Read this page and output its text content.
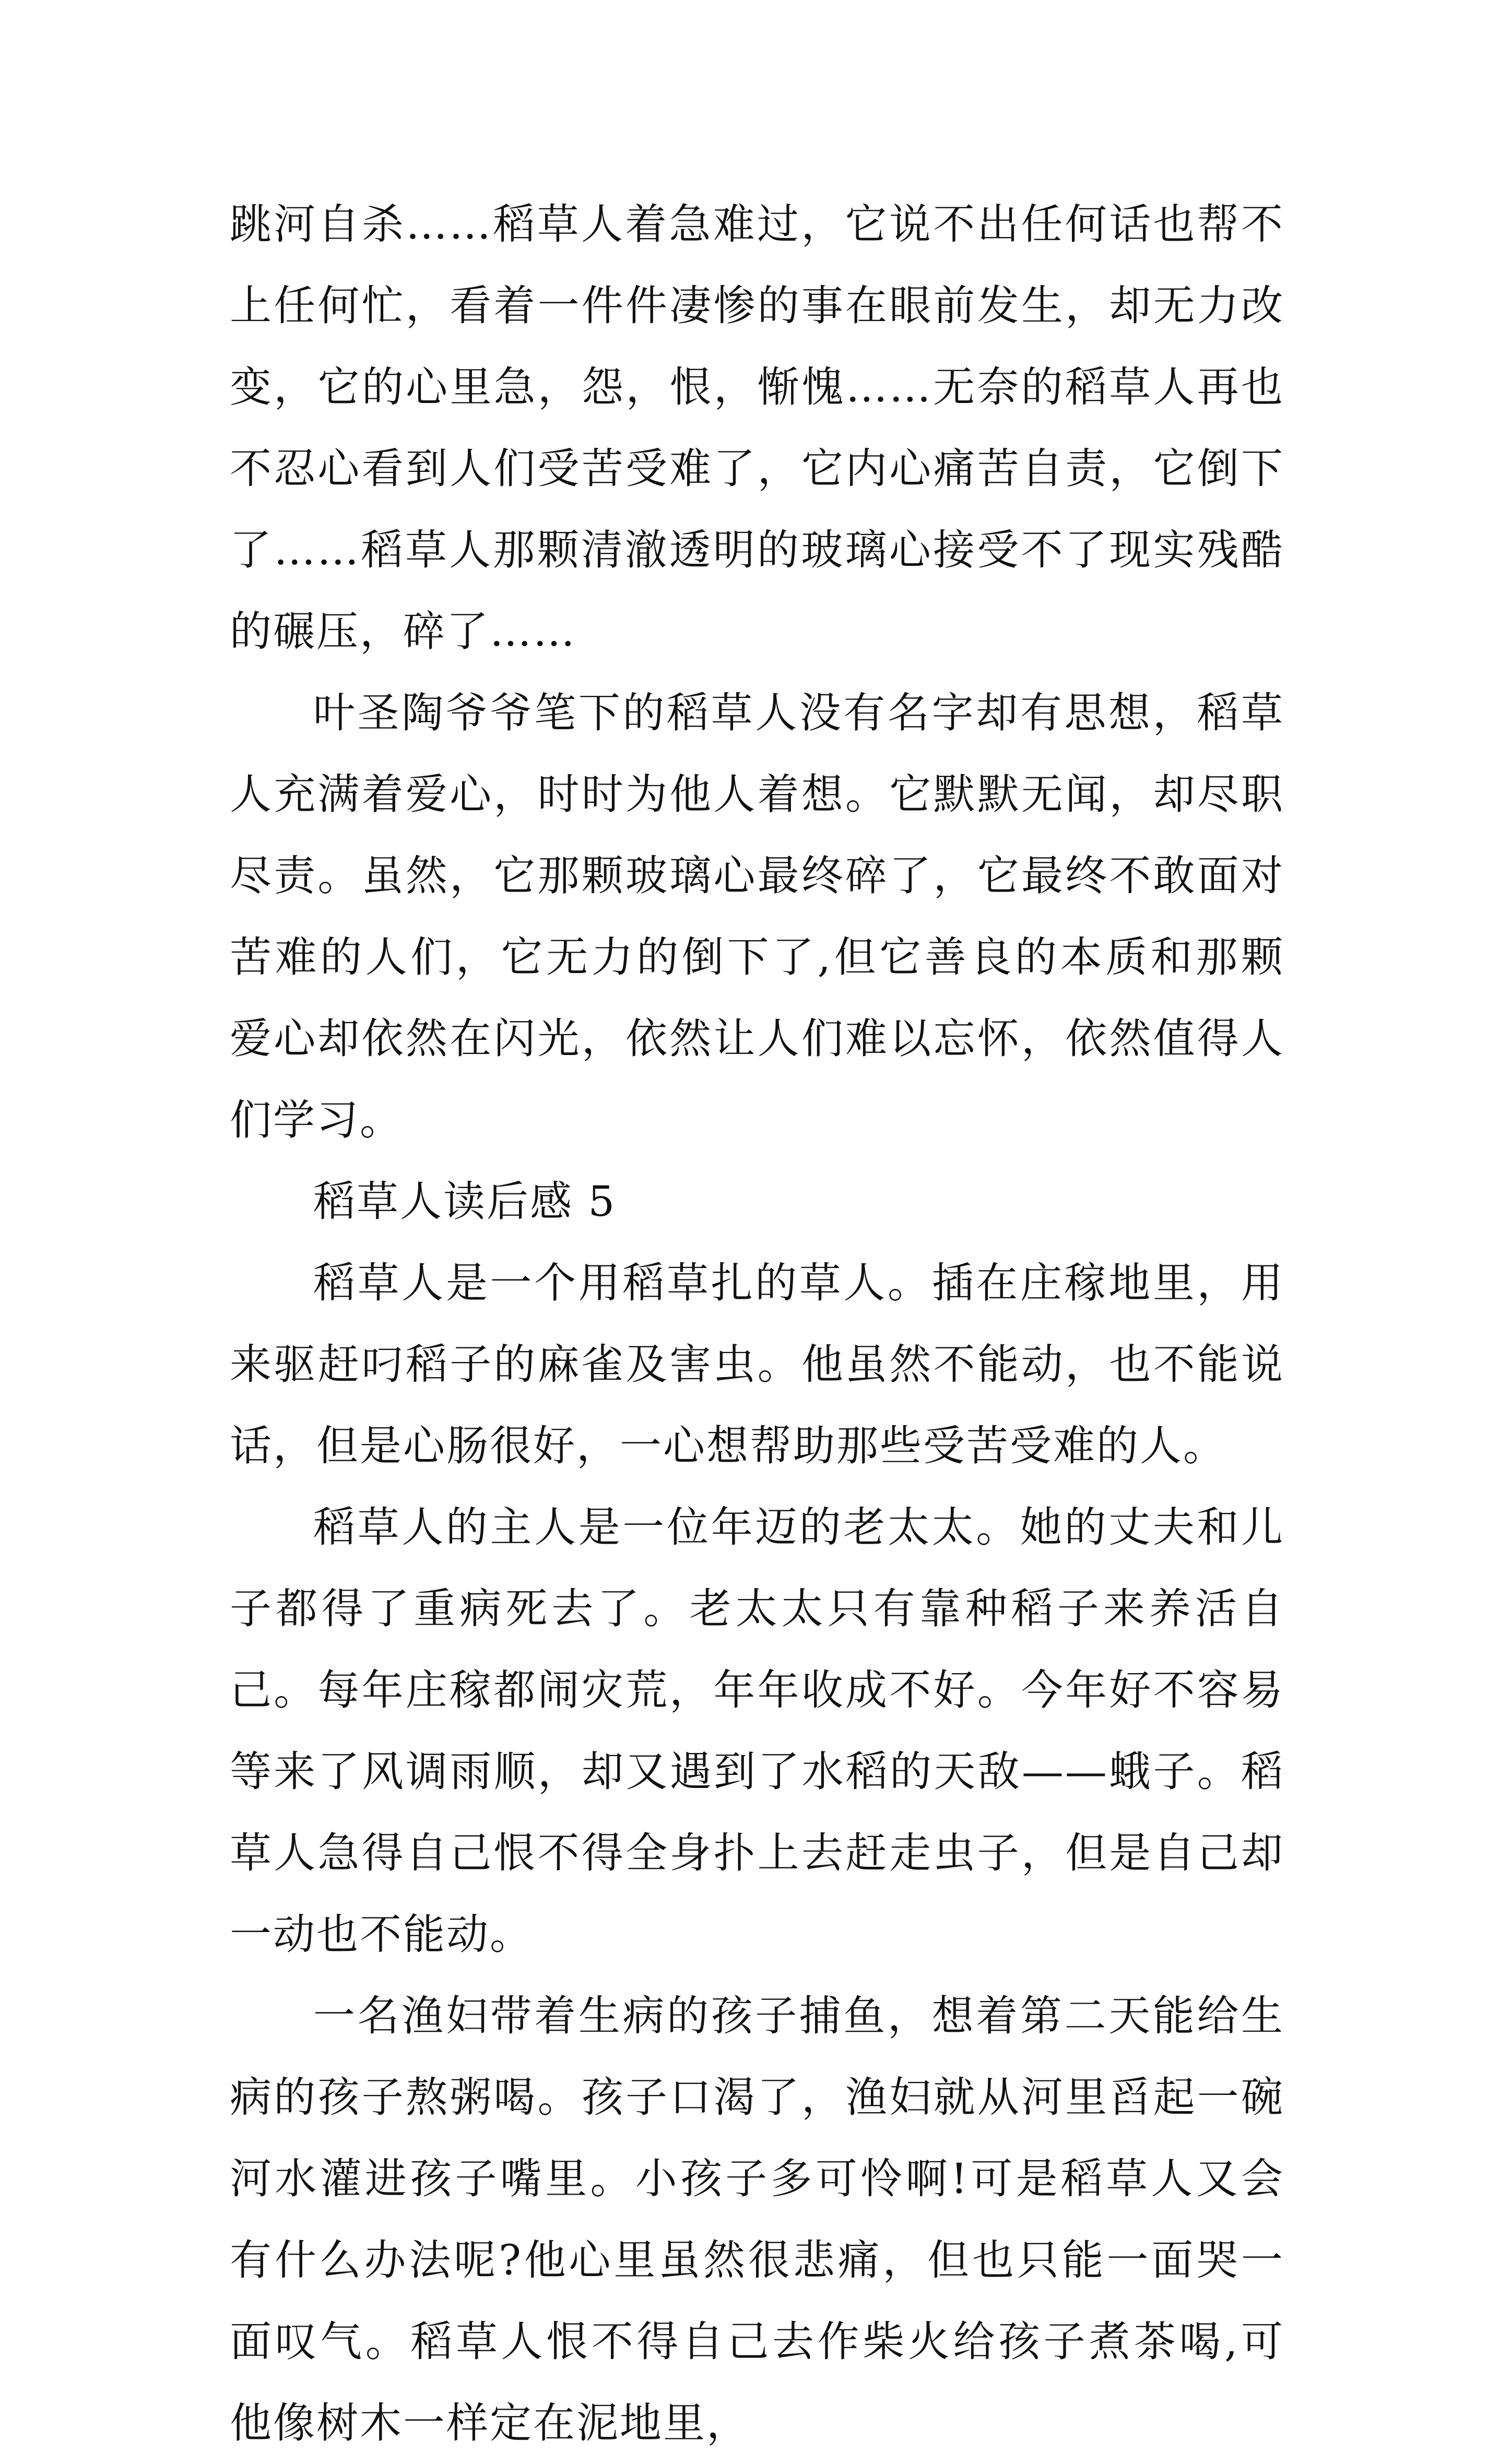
跳河自杀……稻草人着急难过，它说不出任何话也帮不上任何忙，看着一件件凄惨的事在眼前发生，却无力改变，它的心里急，怨，恨，惭愧……无奈的稻草人再也不忍心看到人们受苦受难了，它内心痛苦自责，它倒下了……稻草人那颗清澈透明的玻璃心接受不了现实残酷的碾压，碎了……

叶圣陶爷爷笔下的稻草人没有名字却有思想，稻草人充满着爱心，时时为他人着想。它默默无闻，却尽职尽责。虽然，它那颗玻璃心最终碎了，它最终不敢面对苦难的人们，它无力的倒下了,但它善良的本质和那颗爱心却依然在闪光，依然让人们难以忘怀，依然值得人们学习。

稻草人读后感 5

稻草人是一个用稻草扎的草人。插在庄稼地里，用来驱赶叼稻子的麻雀及害虫。他虽然不能动，也不能说话，但是心肠很好，一心想帮助那些受苦受难的人。

稻草人的主人是一位年迈的老太太。她的丈夫和儿子都得了重病死去了。老太太只有靠种稻子来养活自己。每年庄稼都闹灾荒，年年收成不好。今年好不容易等来了风调雨顺，却又遇到了水稻的天敌——蛾子。稻草人急得自己恨不得全身扑上去赶走虫子，但是自己却一动也不能动。

一名渔妇带着生病的孩子捕鱼，想着第二天能给生病的孩子熬粥喝。孩子口渴了，渔妇就从河里舀起一碗河水灌进孩子嘴里。小孩子多可怜啊!可是稻草人又会有什么办法呢?他心里虽然很悲痛，但也只能一面哭一面叹气。稻草人恨不得自己去作柴火给孩子煮茶喝,可他像树木一样定在泥地里，
